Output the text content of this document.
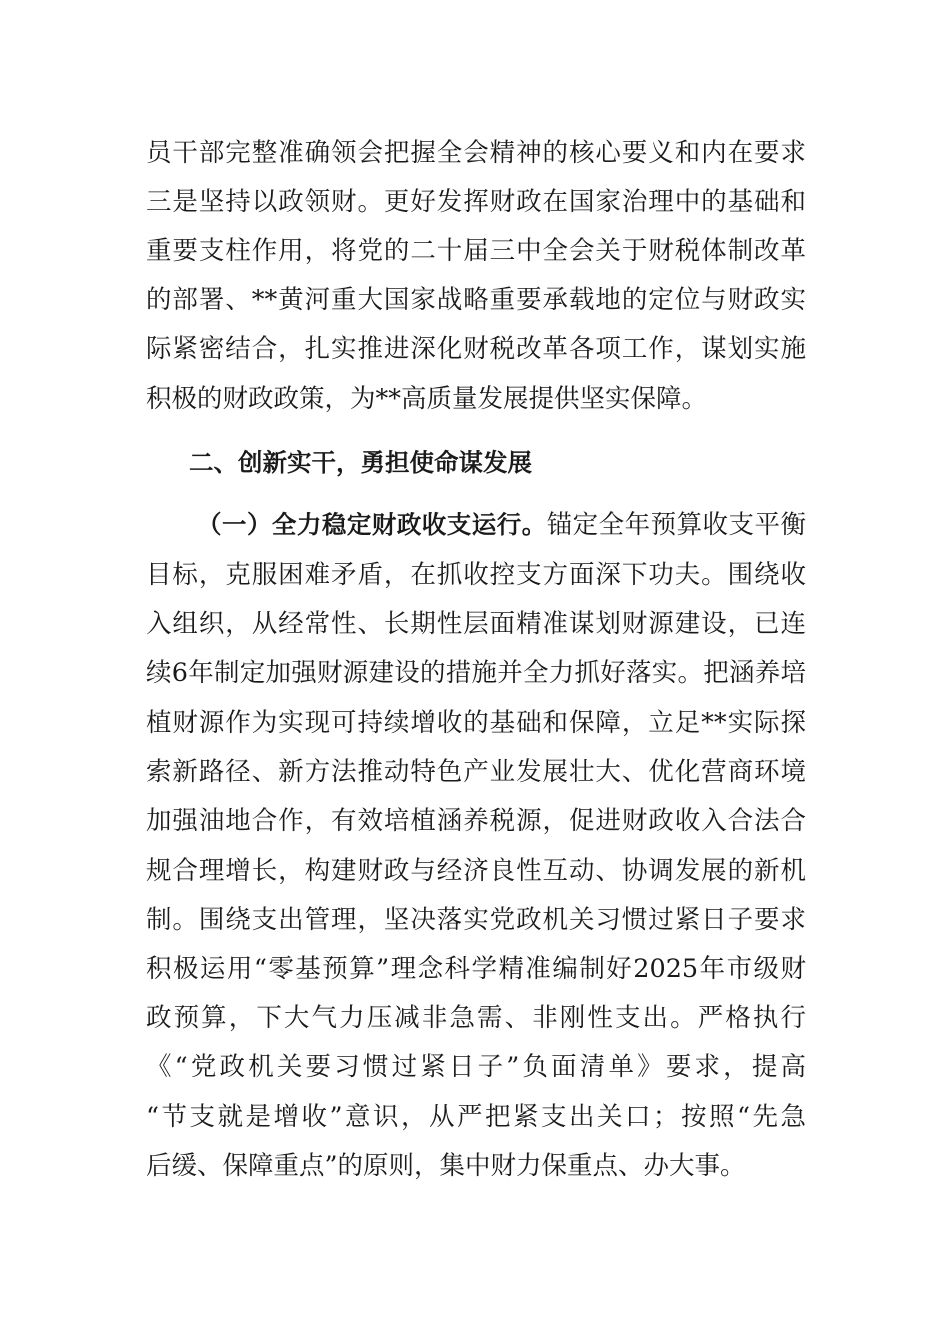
员干部完整准确领会把握全会精神的核心要义和内在要求
三是坚持以政领财。更好发挥财政在国家治理中的基础和
重要支柱作用，将党的二十届三中全会关于财税体制改革
的部署、**黄河重大国家战略重要承载地的定位与财政实
际紧密结合，扎实推进深化财税改革各项工作，谋划实施
积极的财政政策，为**高质量发展提供坚实保障。
二、创新实干，勇担使命谋发展
（一）全力稳定财政收支运行。锚定全年预算收支平衡
目标，克服困难矛盾，在抓收控支方面深下功夫。围绕收
入组织，从经常性、长期性层面精准谋划财源建设，已连
续6年制定加强财源建设的措施并全力抓好落实。把涵养培
植财源作为实现可持续增收的基础和保障，立足**实际探
索新路径、新方法推动特色产业发展壮大、优化营商环境
加强油地合作，有效培植涵养税源，促进财政收入合法合
规合理增长，构建财政与经济良性互动、协调发展的新机
制。围绕支出管理，坚决落实党政机关习惯过紧日子要求
积极运用“零基预算”理念科学精准编制好2025年市级财
政预算，下大气力压减非急需、非刚性支出。严格执行
《“党政机关要习惯过紧日子”负面清单》要求，提高
“节支就是增收”意识，从严把紧支出关口；按照“先急
后缓、保障重点”的原则，集中财力保重点、办大事。
